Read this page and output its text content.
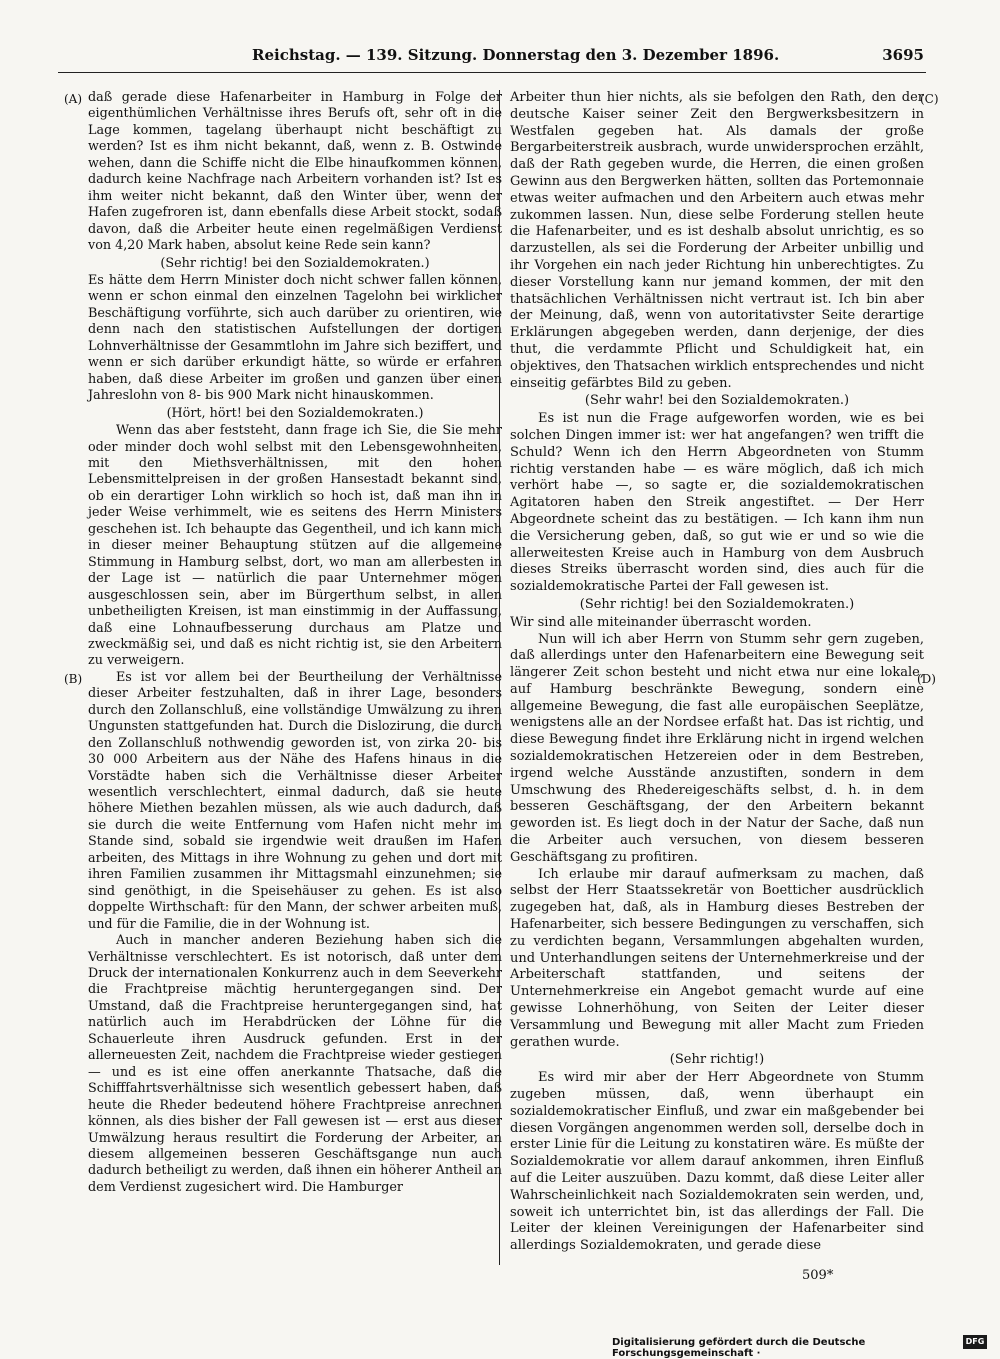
Reichstag. — 139. Sitzung. Donnerstag den 3. Dezember 1896.	3695
(A)
(B)
(C)
(D)

daß gerade diese Hafenarbeiter in Hamburg in Folge der eigenthümlichen Verhältnisse ihres Berufs oft, sehr oft in die Lage kommen, tagelang überhaupt nicht beschäftigt zu werden? Ist es ihm nicht bekannt, daß, wenn z. B. Ostwinde wehen, dann die Schiffe nicht die Elbe hinaufkommen können, dadurch keine Nachfrage nach Arbeitern vorhanden ist? Ist es ihm weiter nicht bekannt, daß den Winter über, wenn der Hafen zugefroren ist, dann ebenfalls diese Arbeit stockt, sodaß davon, daß die Arbeiter heute einen regelmäßigen Verdienst von 4,20 Mark haben, absolut keine Rede sein kann?

(Sehr richtig! bei den Sozialdemokraten.)

Es hätte dem Herrn Minister doch nicht schwer fallen können, wenn er schon einmal den einzelnen Tagelohn bei wirklicher Beschäftigung vorführte, sich auch darüber zu orientiren, wie denn nach den statistischen Aufstellungen der dortigen Lohnverhältnisse der Gesammtlohn im Jahre sich beziffert, und wenn er sich darüber erkundigt hätte, so würde er erfahren haben, daß diese Arbeiter im großen und ganzen über einen Jahreslohn von 8- bis 900 Mark nicht hinauskommen.

(Hört, hört! bei den Sozialdemokraten.)

Wenn das aber feststeht, dann frage ich Sie, die Sie mehr oder minder doch wohl selbst mit den Lebensgewohnheiten, mit den Miethsverhältnissen, mit den hohen Lebensmittelpreisen in der großen Hansestadt bekannt sind, ob ein derartiger Lohn wirklich so hoch ist, daß man ihn in jeder Weise verhimmelt, wie es seitens des Herrn Ministers geschehen ist. Ich behaupte das Gegentheil, und ich kann mich in dieser meiner Behauptung stützen auf die allgemeine Stimmung in Hamburg selbst, dort, wo man am allerbesten in der Lage ist — natürlich die paar Unternehmer mögen ausgeschlossen sein, aber im Bürgerthum selbst, in allen unbetheiligten Kreisen, ist man einstimmig in der Auffassung, daß eine Lohnaufbesserung durchaus am Platze und zweckmäßig sei, und daß es nicht richtig ist, sie den Arbeitern zu verweigern.

Es ist vor allem bei der Beurtheilung der Verhältnisse dieser Arbeiter festzuhalten, daß in ihrer Lage, besonders durch den Zollanschluß, eine vollständige Umwälzung zu ihren Ungunsten stattgefunden hat. Durch die Dislozirung, die durch den Zollanschluß nothwendig geworden ist, von zirka 20- bis 30 000 Arbeitern aus der Nähe des Hafens hinaus in die Vorstädte haben sich die Verhältnisse dieser Arbeiter wesentlich verschlechtert, einmal dadurch, daß sie heute höhere Miethen bezahlen müssen, als wie auch dadurch, daß sie durch die weite Entfernung vom Hafen nicht mehr im Stande sind, sobald sie irgendwie weit draußen im Hafen arbeiten, des Mittags in ihre Wohnung zu gehen und dort mit ihren Familien zusammen ihr Mittagsmahl einzunehmen; sie sind genöthigt, in die Speisehäuser zu gehen. Es ist also doppelte Wirthschaft: für den Mann, der schwer arbeiten muß, und für die Familie, die in der Wohnung ist.

Auch in mancher anderen Beziehung haben sich die Verhältnisse verschlechtert. Es ist notorisch, daß unter dem Druck der internationalen Konkurrenz auch in dem Seeverkehr die Frachtpreise mächtig heruntergegangen sind. Der Umstand, daß die Frachtpreise heruntergegangen sind, hat natürlich auch im Herabdrücken der Löhne für die Schauerleute ihren Ausdruck gefunden. Erst in der allerneuesten Zeit, nachdem die Frachtpreise wieder gestiegen — und es ist eine offen anerkannte Thatsache, daß die Schifffahrtsverhältnisse sich wesentlich gebessert haben, daß heute die Rheder bedeutend höhere Frachtpreise anrechnen können, als dies bisher der Fall gewesen ist — erst aus dieser Umwälzung heraus resultirt die Forderung der Arbeiter, an diesem allgemeinen besseren Geschäftsgange nun auch dadurch betheiligt zu werden, daß ihnen ein höherer Antheil an dem Verdienst zugesichert wird. Die Hamburger

Arbeiter thun hier nichts, als sie befolgen den Rath, den der deutsche Kaiser seiner Zeit den Bergwerksbesitzern in Westfalen gegeben hat. Als damals der große Bergarbeiterstreik ausbrach, wurde unwidersprochen erzählt, daß der Rath gegeben wurde, die Herren, die einen großen Gewinn aus den Bergwerken hätten, sollten das Portemonnaie etwas weiter aufmachen und den Arbeitern auch etwas mehr zukommen lassen. Nun, diese selbe Forderung stellen heute die Hafenarbeiter, und es ist deshalb absolut unrichtig, es so darzustellen, als sei die Forderung der Arbeiter unbillig und ihr Vorgehen ein nach jeder Richtung hin unberechtigtes. Zu dieser Vorstellung kann nur jemand kommen, der mit den thatsächlichen Verhältnissen nicht vertraut ist. Ich bin aber der Meinung, daß, wenn von autoritativster Seite derartige Erklärungen abgegeben werden, dann derjenige, der dies thut, die verdammte Pflicht und Schuldigkeit hat, ein objektives, den Thatsachen wirklich entsprechendes und nicht einseitig gefärbtes Bild zu geben.

(Sehr wahr! bei den Sozialdemokraten.)

Es ist nun die Frage aufgeworfen worden, wie es bei solchen Dingen immer ist: wer hat angefangen? wen trifft die Schuld? Wenn ich den Herrn Abgeordneten von Stumm richtig verstanden habe — es wäre möglich, daß ich mich verhört habe —, so sagte er, die sozialdemokratischen Agitatoren haben den Streik angestiftet. — Der Herr Abgeordnete scheint das zu bestätigen. — Ich kann ihm nun die Versicherung geben, daß, so gut wie er und so wie die allerweitesten Kreise auch in Hamburg von dem Ausbruch dieses Streiks überrascht worden sind, dies auch für die sozialdemokratische Partei der Fall gewesen ist.

(Sehr richtig! bei den Sozialdemokraten.)

Wir sind alle miteinander überrascht worden.

Nun will ich aber Herrn von Stumm sehr gern zugeben, daß allerdings unter den Hafenarbeitern eine Bewegung seit längerer Zeit schon besteht und nicht etwa nur eine lokale, auf Hamburg beschränkte Bewegung, sondern eine allgemeine Bewegung, die fast alle europäischen Seeplätze, wenigstens alle an der Nordsee erfaßt hat. Das ist richtig, und diese Bewegung findet ihre Erklärung nicht in irgend welchen sozialdemokratischen Hetzereien oder in dem Bestreben, irgend welche Ausstände anzustiften, sondern in dem Umschwung des Rhedereigeschäfts selbst, d. h. in dem besseren Geschäftsgang, der den Arbeitern bekannt geworden ist. Es liegt doch in der Natur der Sache, daß nun die Arbeiter auch versuchen, von diesem besseren Geschäftsgang zu profitiren.

Ich erlaube mir darauf aufmerksam zu machen, daß selbst der Herr Staatssekretär von Boetticher ausdrücklich zugegeben hat, daß, als in Hamburg dieses Bestreben der Hafenarbeiter, sich bessere Bedingungen zu verschaffen, sich zu verdichten begann, Versammlungen abgehalten wurden, und Unterhandlungen seitens der Unternehmerkreise und der Arbeiterschaft stattfanden, und seitens der Unternehmerkreise ein Angebot gemacht wurde auf eine gewisse Lohnerhöhung, von Seiten der Leiter dieser Versammlung und Bewegung mit aller Macht zum Frieden gerathen wurde.

(Sehr richtig!)

Es wird mir aber der Herr Abgeordnete von Stumm zugeben müssen, daß, wenn überhaupt ein sozialdemokratischer Einfluß, und zwar ein maßgebender bei diesen Vorgängen angenommen werden soll, derselbe doch in erster Linie für die Leitung zu konstatiren wäre. Es müßte der Sozialdemokratie vor allem darauf ankommen, ihren Einfluß auf die Leiter auszuüben. Dazu kommt, daß diese Leiter aller Wahrscheinlichkeit nach Sozialdemokraten sein werden, und, soweit ich unterrichtet bin, ist das allerdings der Fall. Die Leiter der kleinen Vereinigungen der Hafenarbeiter sind allerdings Sozialdemokraten, und gerade diese

509*
Digitalisierung gefördert durch die Deutsche Forschungsgemeinschaft ·
DFG
